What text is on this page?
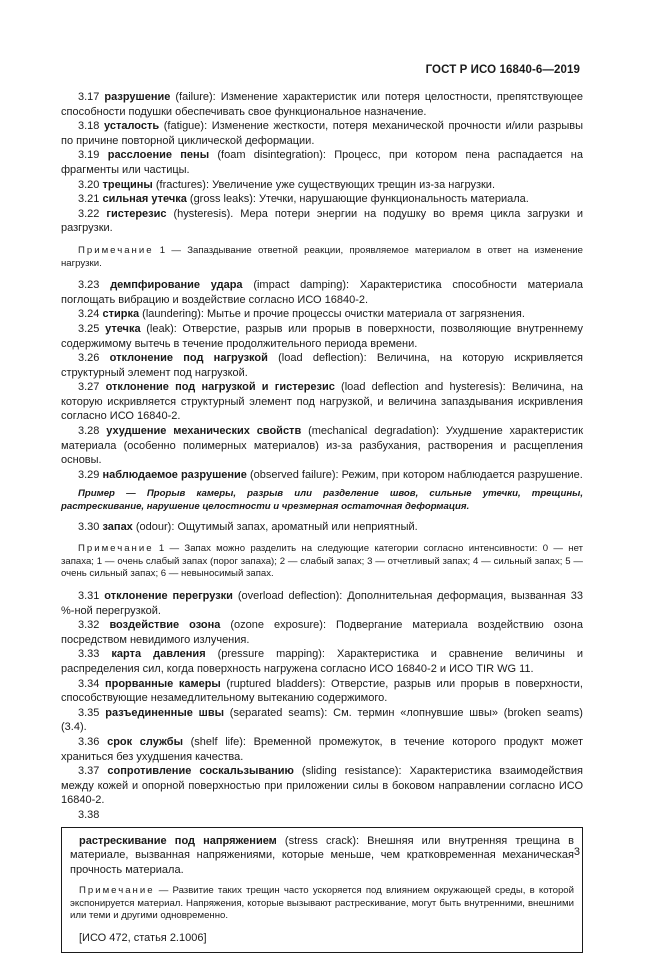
ГОСТ Р ИСО 16840-6—2019

3.17 разрушение (failure): Изменение характеристик или потеря целостности, препятствующее способности подушки обеспечивать свое функциональное назначение.

3.18 усталость (fatigue): Изменение жесткости, потеря механической прочности и/или разрывы по причине повторной циклической деформации.

3.19 расслоение пены (foam disintegration): Процесс, при котором пена распадается на фрагменты или частицы.

3.20 трещины (fractures): Увеличение уже существующих трещин из-за нагрузки.

3.21 сильная утечка (gross leaks): Утечки, нарушающие функциональность материала.

3.22 гистерезис (hysteresis). Мера потери энергии на подушку во время цикла загрузки и разгрузки.

Примечание 1 — Запаздывание ответной реакции, проявляемое материалом в ответ на изменение нагрузки.

3.23 демпфирование удара (impact damping): Характеристика способности материала поглощать вибрацию и воздействие согласно ИСО 16840-2.

3.24 стирка (laundering): Мытье и прочие процессы очистки материала от загрязнения.

3.25 утечка (leak): Отверстие, разрыв или прорыв в поверхности, позволяющие внутреннему содержимому вытечь в течение продолжительного периода времени.

3.26 отклонение под нагрузкой (load deflection): Величина, на которую искривляется структурный элемент под нагрузкой.

3.27 отклонение под нагрузкой и гистерезис (load deflection and hysteresis): Величина, на которую искривляется структурный элемент под нагрузкой, и величина запаздывания искривления согласно ИСО 16840-2.

3.28 ухудшение механических свойств (mechanical degradation): Ухудшение характеристик материала (особенно полимерных материалов) из-за разбухания, растворения и расщепления основы.

3.29 наблюдаемое разрушение (observed failure): Режим, при котором наблюдается разрушение.

Пример — Прорыв камеры, разрыв или разделение швов, сильные утечки, трещины, растрескивание, нарушение целостности и чрезмерная остаточная деформация.

3.30 запах (odour): Ощутимый запах, ароматный или неприятный.

Примечание 1 — Запах можно разделить на следующие категории согласно интенсивности: 0 — нет запаха; 1 — очень слабый запах (порог запаха); 2 — слабый запах; 3 — отчетливый запах; 4 — сильный запах; 5 — очень сильный запах; 6 — невыносимый запах.

3.31 отклонение перегрузки (overload deflection): Дополнительная деформация, вызванная 33 %-ной перегрузкой.

3.32 воздействие озона (ozone exposure): Подвергание материала воздействию озона посредством невидимого излучения.

3.33 карта давления (pressure mapping): Характеристика и сравнение величины и распределения сил, когда поверхность нагружена согласно ИСО 16840-2 и ИСО TIR WG 11.

3.34 прорванные камеры (ruptured bladders): Отверстие, разрыв или прорыв в поверхности, способствующие незамедлительному вытеканию содержимого.

3.35 разъединенные швы (separated seams): См. термин «лопнувшие швы» (broken seams) (3.4).

3.36 срок службы (shelf life): Временной промежуток, в течение которого продукт может храниться без ухудшения качества.

3.37 сопротивление соскальзыванию (sliding resistance): Характеристика взаимодействия между кожей и опорной поверхностью при приложении силы в боковом направлении согласно ИСО 16840-2.

3.38

растрескивание под напряжением (stress crack): Внешняя или внутренняя трещина в материале, вызванная напряжениями, которые меньше, чем кратковременная механическая прочность материала.

Примечание — Развитие таких трещин часто ускоряется под влиянием окружающей среды, в которой экспонируется материал. Напряжения, которые вызывают растрескивание, могут быть внутренними, внешними или теми и другими одновременно.

[ИСО 472, статья 2.1006]

3
